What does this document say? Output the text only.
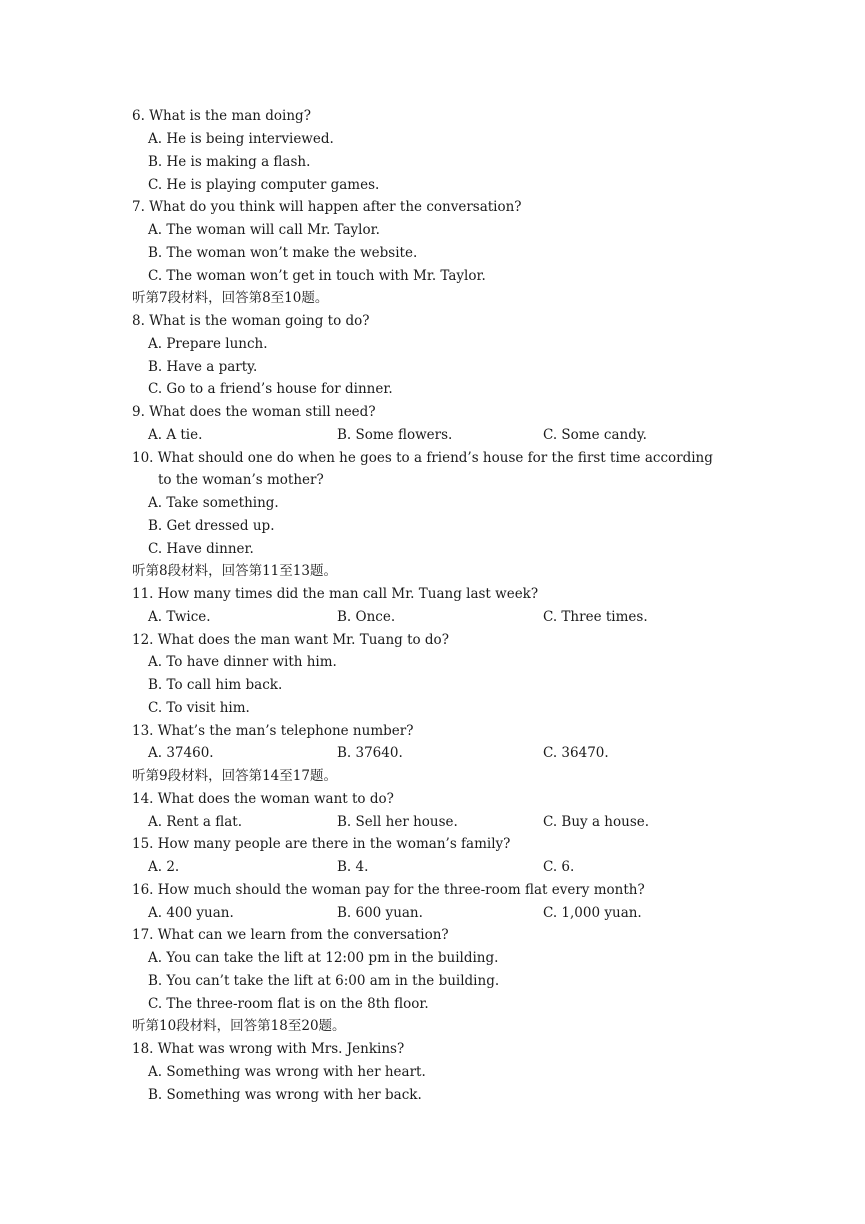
6. What is the man doing?
A. He is being interviewed.
B. He is making a flash.
C. He is playing computer games.
7. What do you think will happen after the conversation?
A. The woman will call Mr. Taylor.
B. The woman won’t make the website.
C. The woman won’t get in touch with Mr. Taylor.
听第7段材料，回答第8至10题。
8. What is the woman going to do?
A. Prepare lunch.
B. Have a party.
C. Go to a friend’s house for dinner.
9. What does the woman still need?
A. A tie.	B. Some flowers.	C. Some candy.
10. What should one do when he goes to a friend’s house for the first time according
to the woman’s mother?
A. Take something.
B. Get dressed up.
C. Have dinner.
听第8段材料，回答第11至13题。
11. How many times did the man call Mr. Tuang last week?
A. Twice.	B. Once.	C. Three times.
12. What does the man want Mr. Tuang to do?
A. To have dinner with him.
B. To call him back.
C. To visit him.
13. What’s the man’s telephone number?
A. 37460.	B. 37640.	C. 36470.
听第9段材料，回答第14至17题。
14. What does the woman want to do?
A. Rent a flat.	B. Sell her house.	C. Buy a house.
15. How many people are there in the woman’s family?
A. 2.	B. 4.	C. 6.
16. How much should the woman pay for the three-room flat every month?
A. 400 yuan.	B. 600 yuan.	C. 1,000 yuan.
17. What can we learn from the conversation?
A. You can take the lift at 12:00 pm in the building.
B. You can’t take the lift at 6:00 am in the building.
C. The three-room flat is on the 8th floor.
听第10段材料，回答第18至20题。
18. What was wrong with Mrs. Jenkins?
A. Something was wrong with her heart.
B. Something was wrong with her back.
